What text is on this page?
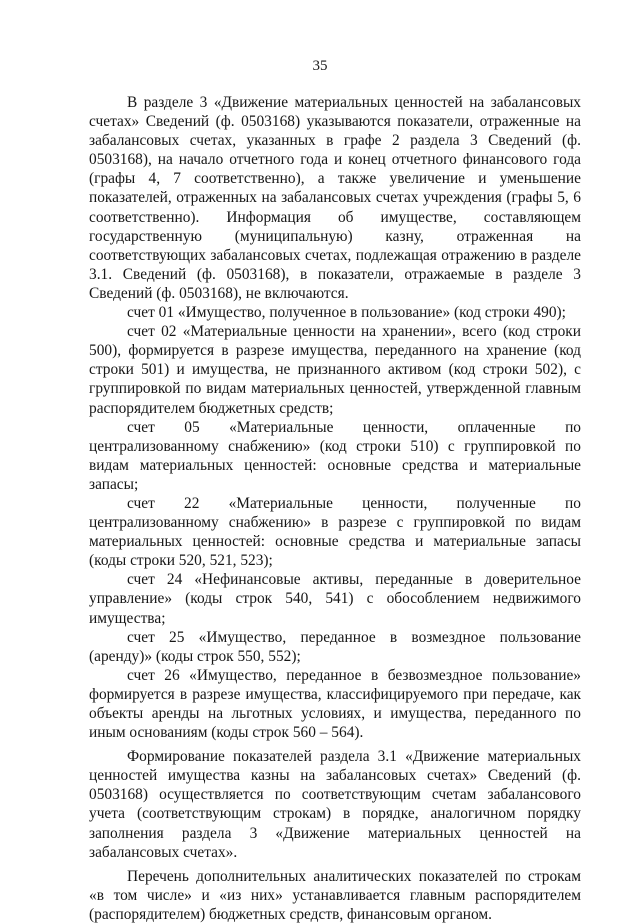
35

В разделе 3 «Движение материальных ценностей на забалансовых счетах» Сведений (ф. 0503168) указываются показатели, отраженные на забалансовых счетах, указанных в графе 2 раздела 3 Сведений (ф. 0503168), на начало отчетного года и конец отчетного финансового года (графы 4, 7 соответственно), а также увеличение и уменьшение показателей, отраженных на забалансовых счетах учреждения (графы 5, 6 соответственно). Информация об имуществе, составляющем государственную (муниципальную) казну, отраженная на соответствующих забалансовых счетах, подлежащая отражению в разделе 3.1. Сведений (ф. 0503168), в показатели, отражаемые в разделе 3 Сведений (ф. 0503168), не включаются.

счет 01 «Имущество, полученное в пользование» (код строки 490);

счет 02 «Материальные ценности на хранении», всего (код строки 500), формируется в разрезе имущества, переданного на хранение (код строки 501) и имущества, не признанного активом (код строки 502), с группировкой по видам материальных ценностей, утвержденной главным распорядителем бюджетных средств;

счет 05 «Материальные ценности, оплаченные по централизованному снабжению» (код строки 510) с группировкой по видам материальных ценностей: основные средства и материальные запасы;

счет 22 «Материальные ценности, полученные по централизованному снабжению» в разрезе с группировкой по видам материальных ценностей: основные средства и материальные запасы (коды строки 520, 521, 523);

счет 24 «Нефинансовые активы, переданные в доверительное управление» (коды строк 540, 541) с обособлением недвижимого имущества;

счет 25 «Имущество, переданное в возмездное пользование (аренду)» (коды строк 550, 552);

счет 26 «Имущество, переданное в безвозмездное пользование» формируется в разрезе имущества, классифицируемого при передаче, как объекты аренды на льготных условиях, и имущества, переданного по иным основаниям (коды строк 560 – 564).

Формирование показателей раздела 3.1 «Движение материальных ценностей имущества казны на забалансовых счетах» Сведений (ф. 0503168) осуществляется по соответствующим счетам забалансового учета (соответствующим строкам) в порядке, аналогичном порядку заполнения раздела 3 «Движение материальных ценностей на забалансовых счетах».

Перечень дополнительных аналитических показателей по строкам «в том числе» и «из них» устанавливается главным распорядителем (распорядителем) бюджетных средств, финансовым органом.
